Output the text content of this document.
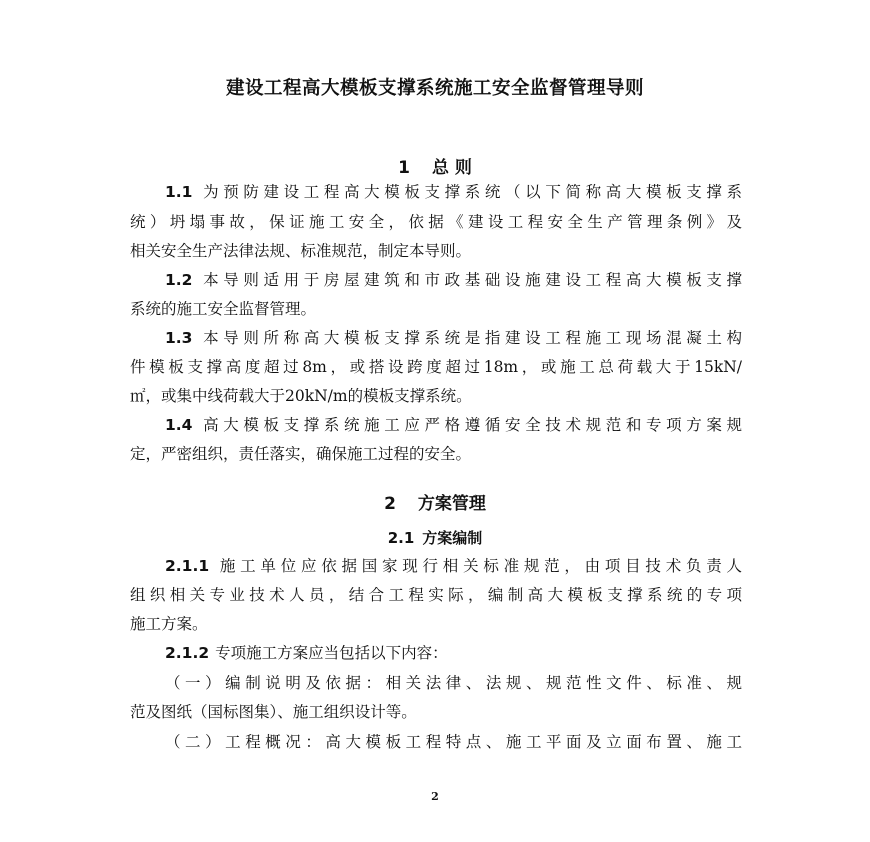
建设工程高大模板支撑系统施工安全监督管理导则
1 总 则
1.1 为预防建设工程高大模板支撑系统（以下简称高大模板支撑系
统）坍塌事故，保证施工安全，依据《建设工程安全生产管理条例》及
相关安全生产法律法规、标准规范，制定本导则。
1.2 本导则适用于房屋建筑和市政基础设施建设工程高大模板支撑
系统的施工安全监督管理。
1.3 本导则所称高大模板支撑系统是指建设工程施工现场混凝土构
件模板支撑高度超过8m，或搭设跨度超过18m，或施工总荷载大于15kN/
㎡，或集中线荷载大于20kN/m的模板支撑系统。
1.4 高大模板支撑系统施工应严格遵循安全技术规范和专项方案规
定，严密组织，责任落实，确保施工过程的安全。
2 方案管理
2.1 方案编制
2.1.1 施工单位应依据国家现行相关标准规范，由项目技术负责人
组织相关专业技术人员，结合工程实际，编制高大模板支撑系统的专项
施工方案。
2.1.2 专项施工方案应当包括以下内容：
（一）编制说明及依据：相关法律、法规、规范性文件、标准、规
范及图纸（国标图集）、施工组织设计等。
（二）工程概况：高大模板工程特点、施工平面及立面布置、施工
2
